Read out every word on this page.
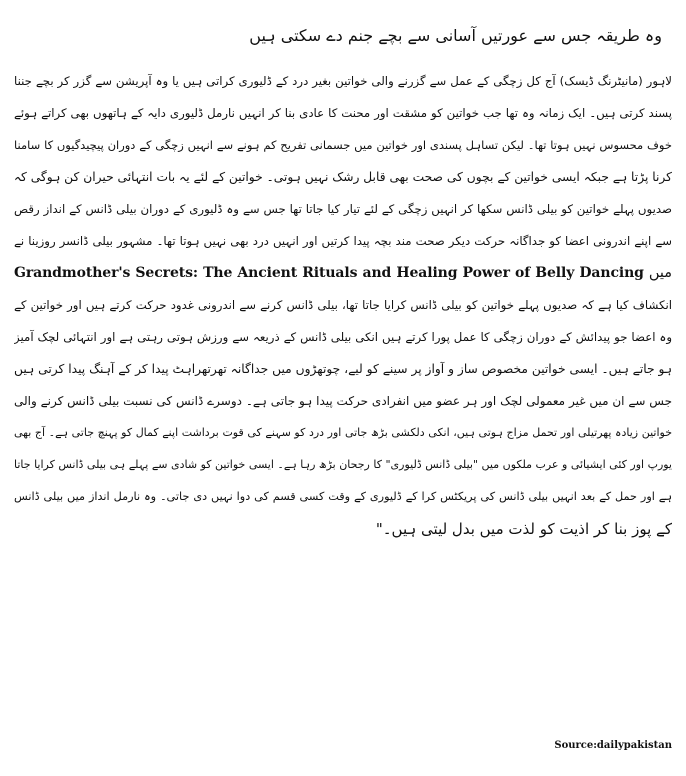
وہ طریقہ جس سے عورتیں آسانی سے بچے جنم دے سکتی ہیں
لاہور (مانیٹرنگ ڈیسک) آج کل زچگی کے عمل سے گزرنے والی خواتین بغیر درد کے ڈلیوری کراتی ہیں یا وہ آپریشن سے گزر کر بچے جننا
پسند کرتی ہیں۔ ایک زمانہ وہ تھا جب خواتین کو مشقت اور محنت کا عادی بنا کر انہیں نارمل ڈلیوری دایہ کے ہاتھوں بھی کراتے ہوئے
خوف محسوس نہیں ہوتا تھا۔ لیکن تساہل پسندی اور خواتین میں جسمانی تفریح کم ہونے سے انہیں زچگی کے دوران پیچیدگیوں کا سامنا
کرنا پڑتا ہے جبکہ ایسی خواتین کے بچوں کی صحت بھی قابل رشک نہیں ہوتی۔ خواتین کے لئے یہ بات انتہائی حیران کن ہوگی کہ
صدیوں پہلے خواتین کو بیلی ڈانس سکھا کر انہیں زچگی کے لئے تیار کیا جاتا تھا جس سے وہ ڈلیوری کے دوران بیلی ڈانس کے انداز رقص
سے اپنے اندرونی اعضا کو جداگانہ حرکت دیکر صحت مند بچہ پیدا کرتیں اور انہیں درد بھی نہیں ہوتا تھا۔ مشہور بیلی ڈانسر روزینا نے
Grandmother's Secrets: The Ancient Rituals and Healing Power of Belly Dancing میں
انکشاف کیا ہے کہ صدیوں پہلے خواتین کو بیلی ڈانس کرایا جاتا تھا، بیلی ڈانس کرنے سے اندرونی غدود حرکت کرتے ہیں اور خواتین کے
وہ اعضا جو پیدائش کے دوران زچگی کا عمل پورا کرتے ہیں انکی بیلی ڈانس کے ذریعہ سے ورزش ہوتی رہتی ہے اور انتہائی لچک آمیز
ہو جاتے ہیں۔ ایسی خواتین مخصوص ساز و آواز پر سینے کو لیے، چوتھڑوں میں جداگانہ تھرتھراہٹ پیدا کر کے آہنگ پیدا کرتی ہیں
جس سے ان میں غیر معمولی لچک اور ہر عضو میں انفرادی حرکت پیدا ہو جاتی ہے۔ دوسرے ڈانس کی نسبت بیلی ڈانس کرنے والی
خواتین زیادہ پھرتیلی اور تحمل مزاج ہوتی ہیں، انکی دلکشی بڑھ جاتی اور درد کو سہنے کی قوت برداشت اپنے کمال کو پہنچ جاتی ہے۔ آج بھی
یورپ اور کئی ایشیائی و عرب ملکوں میں "بیلی ڈانس ڈلیوری" کا رجحان بڑھ رہا ہے۔ ایسی خواتین کو شادی سے پہلے ہی بیلی ڈانس کرایا جاتا
ہے اور حمل کے بعد انہیں بیلی ڈانس کی پریکٹس کرا کے ڈلیوری کے وقت کسی قسم کی دوا نہیں دی جاتی۔ وہ نارمل انداز میں بیلی ڈانس
کے پوز بنا کر اذیت کو لذت میں بدل لیتی ہیں۔"
Source:dailypakistan
